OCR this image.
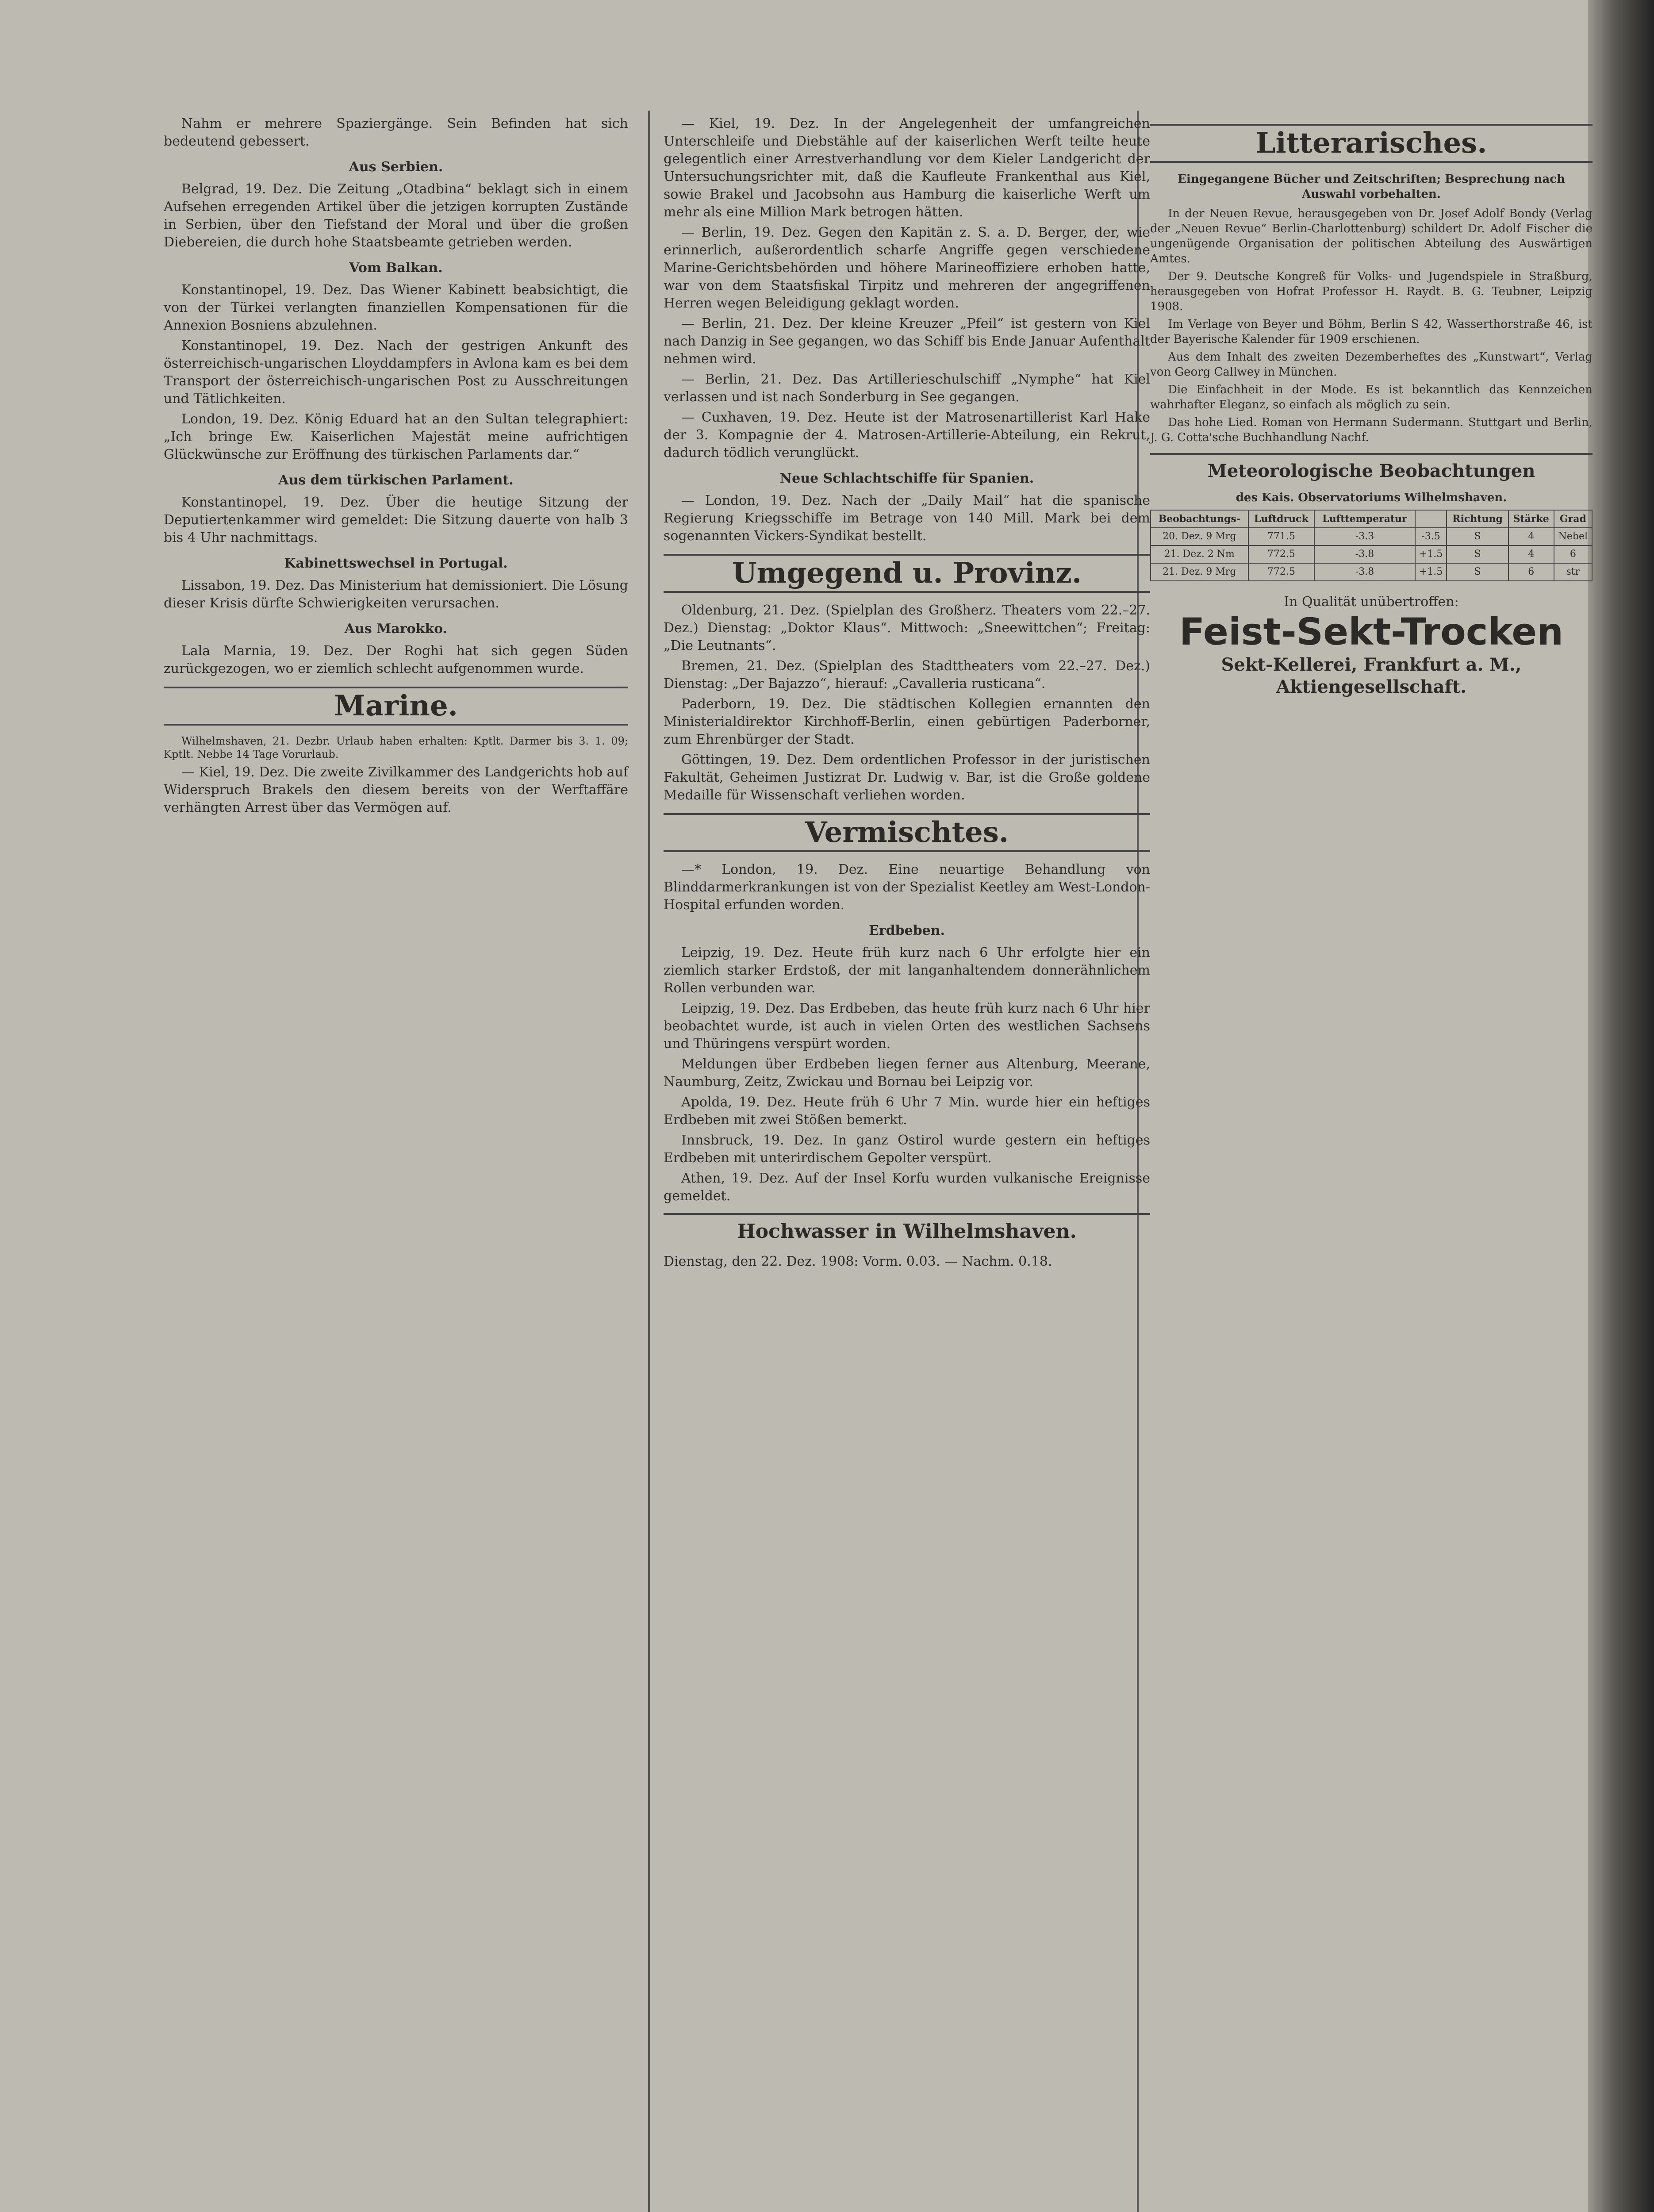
Nahm er mehrere Spaziergänge. Sein Befinden hat sich bedeutend gebessert.

Aus Serbien.

Belgrad, 19. Dez. Die Zeitung „Otadbina“ beklagt sich in einem Aufsehen erregenden Artikel über die jetzigen korrupten Zustände in Serbien, über den Tiefstand der Moral und über die großen Diebereien, die durch hohe Staatsbeamte getrieben werden.

Vom Balkan.

Konstantinopel, 19. Dez. Das Wiener Kabinett beabsichtigt, die von der Türkei verlangten finanziellen Kompensationen für die Annexion Bosniens abzulehnen.

Konstantinopel, 19. Dez. Nach der gestrigen Ankunft des österreichisch-ungarischen Lloyddampfers in Avlona kam es bei dem Transport der österreichisch-ungarischen Post zu Ausschreitungen und Tätlichkeiten.

London, 19. Dez. König Eduard hat an den Sultan telegraphiert: „Ich bringe Ew. Kaiserlichen Majestät meine aufrichtigen Glückwünsche zur Eröffnung des türkischen Parlaments dar.“

Aus dem türkischen Parlament.

Konstantinopel, 19. Dez. Über die heutige Sitzung der Deputiertenkammer wird gemeldet: Die Sitzung dauerte von halb 3 bis 4 Uhr nachmittags.

Kabinettswechsel in Portugal.

Lissabon, 19. Dez. Das Ministerium hat demissioniert. Die Lösung dieser Krisis dürfte Schwierigkeiten verursachen.

Aus Marokko.

Lala Marnia, 19. Dez. Der Roghi hat sich gegen Süden zurückgezogen, wo er ziemlich schlecht aufgenommen wurde.

Marine.

Wilhelmshaven, 21. Dezbr. Urlaub haben erhalten: Kptlt. Darmer bis 3. 1. 09; Kptlt. Nebbe 14 Tage Vorurlaub.

— Kiel, 19. Dez. Die zweite Zivilkammer des Landgerichts hob auf Widerspruch Brakels den diesem bereits von der Werftaffäre verhängten Arrest über das Vermögen auf.

— Kiel, 19. Dez. In der Angelegenheit der umfangreichen Unterschleife und Diebstähle auf der kaiserlichen Werft teilte heute gelegentlich einer Arrestverhandlung vor dem Kieler Landgericht der Untersuchungsrichter mit, daß die Kaufleute Frankenthal aus Kiel, sowie Brakel und Jacobsohn aus Hamburg die kaiserliche Werft um mehr als eine Million Mark betrogen hätten.

— Berlin, 19. Dez. Gegen den Kapitän z. S. a. D. Berger, der, wie erinnerlich, außerordentlich scharfe Angriffe gegen verschiedene Marine-Gerichtsbehörden und höhere Marineoffiziere erhoben hatte, war von dem Staatsfiskal Tirpitz und mehreren der angegriffenen Herren wegen Beleidigung geklagt worden.

— Berlin, 21. Dez. Der kleine Kreuzer „Pfeil“ ist gestern von Kiel nach Danzig in See gegangen, wo das Schiff bis Ende Januar Aufenthalt nehmen wird.

— Berlin, 21. Dez. Das Artillerieschulschiff „Nymphe“ hat Kiel verlassen und ist nach Sonderburg in See gegangen.

— Cuxhaven, 19. Dez. Heute ist der Matrosenartillerist Karl Hake der 3. Kompagnie der 4. Matrosen-Artillerie-Abteilung, ein Rekrut, dadurch tödlich verunglückt.

Neue Schlachtschiffe für Spanien.

— London, 19. Dez. Nach der „Daily Mail“ hat die spanische Regierung Kriegsschiffe im Betrage von 140 Mill. Mark bei dem sogenannten Vickers-Syndikat bestellt.

Umgegend u. Provinz.

Oldenburg, 21. Dez. (Spielplan des Großherz. Theaters vom 22.–27. Dez.) Dienstag: „Doktor Klaus“. Mittwoch: „Sneewittchen“; Freitag: „Die Leutnants“.

Bremen, 21. Dez. (Spielplan des Stadttheaters vom 22.–27. Dez.) Dienstag: „Der Bajazzo“, hierauf: „Cavalleria rusticana“.

Paderborn, 19. Dez. Die städtischen Kollegien ernannten den Ministerialdirektor Kirchhoff-Berlin, einen gebürtigen Paderborner, zum Ehrenbürger der Stadt.

Göttingen, 19. Dez. Dem ordentlichen Professor in der juristischen Fakultät, Geheimen Justizrat Dr. Ludwig v. Bar, ist die Große goldene Medaille für Wissenschaft verliehen worden.

Vermischtes.

—* London, 19. Dez. Eine neuartige Behandlung von Blinddarmerkrankungen ist von der Spezialist Keetley am West-London-Hospital erfunden worden.

Erdbeben.

Leipzig, 19. Dez. Heute früh kurz nach 6 Uhr erfolgte hier ein ziemlich starker Erdstoß, der mit langanhaltendem donnerähnlichem Rollen verbunden war.

Leipzig, 19. Dez. Das Erdbeben, das heute früh kurz nach 6 Uhr hier beobachtet wurde, ist auch in vielen Orten des westlichen Sachsens und Thüringens verspürt worden.

Meldungen über Erdbeben liegen ferner aus Altenburg, Meerane, Naumburg, Zeitz, Zwickau und Bornau bei Leipzig vor.

Apolda, 19. Dez. Heute früh 6 Uhr 7 Min. wurde hier ein heftiges Erdbeben mit zwei Stößen bemerkt.

Innsbruck, 19. Dez. In ganz Ostirol wurde gestern ein heftiges Erdbeben mit unterirdischem Gepolter verspürt.

Athen, 19. Dez. Auf der Insel Korfu wurden vulkanische Ereignisse gemeldet.

Hochwasser in Wilhelmshaven.
Dienstag, den 22. Dez. 1908: Vorm. 0.03. — Nachm. 0.18.
Litterarisches.
Eingegangene Bücher und Zeitschriften; Besprechung nach Auswahl vorbehalten.

In der Neuen Revue, herausgegeben von Dr. Josef Adolf Bondy (Verlag der „Neuen Revue“ Berlin-Charlottenburg) schildert Dr. Adolf Fischer die ungenügende Organisation der politischen Abteilung des Auswärtigen Amtes.

Der 9. Deutsche Kongreß für Volks- und Jugendspiele in Straßburg, herausgegeben von Hofrat Professor H. Raydt. B. G. Teubner, Leipzig 1908.

Im Verlage von Beyer und Böhm, Berlin S 42, Wasserthorstraße 46, ist der Bayerische Kalender für 1909 erschienen.

Aus dem Inhalt des zweiten Dezemberheftes des „Kunstwart“, Verlag von Georg Callwey in München.

Die Einfachheit in der Mode. Es ist bekanntlich das Kennzeichen wahrhafter Eleganz, so einfach als möglich zu sein.

Das hohe Lied. Roman von Hermann Sudermann. Stuttgart und Berlin, J. G. Cotta'sche Buchhandlung Nachf.

Meteorologische Beobachtungen
des Kais. Observatoriums Wilhelmshaven.
Beobachtungs-	Luftdruck	Lufttemperatur		Richtung	Stärke	Grad
20. Dez. 9 Mrg	771.5	-3.3	-3.5	S	4	Nebel
21. Dez. 2 Nm	772.5	-3.8	+1.5	S	4	6
21. Dez. 9 Mrg	772.5	-3.8	+1.5	S	6	str
In Qualität unübertroffen:
Feist-Sekt-Trocken
Sekt-Kellerei, Frankfurt a. M., Aktiengesellschaft.
